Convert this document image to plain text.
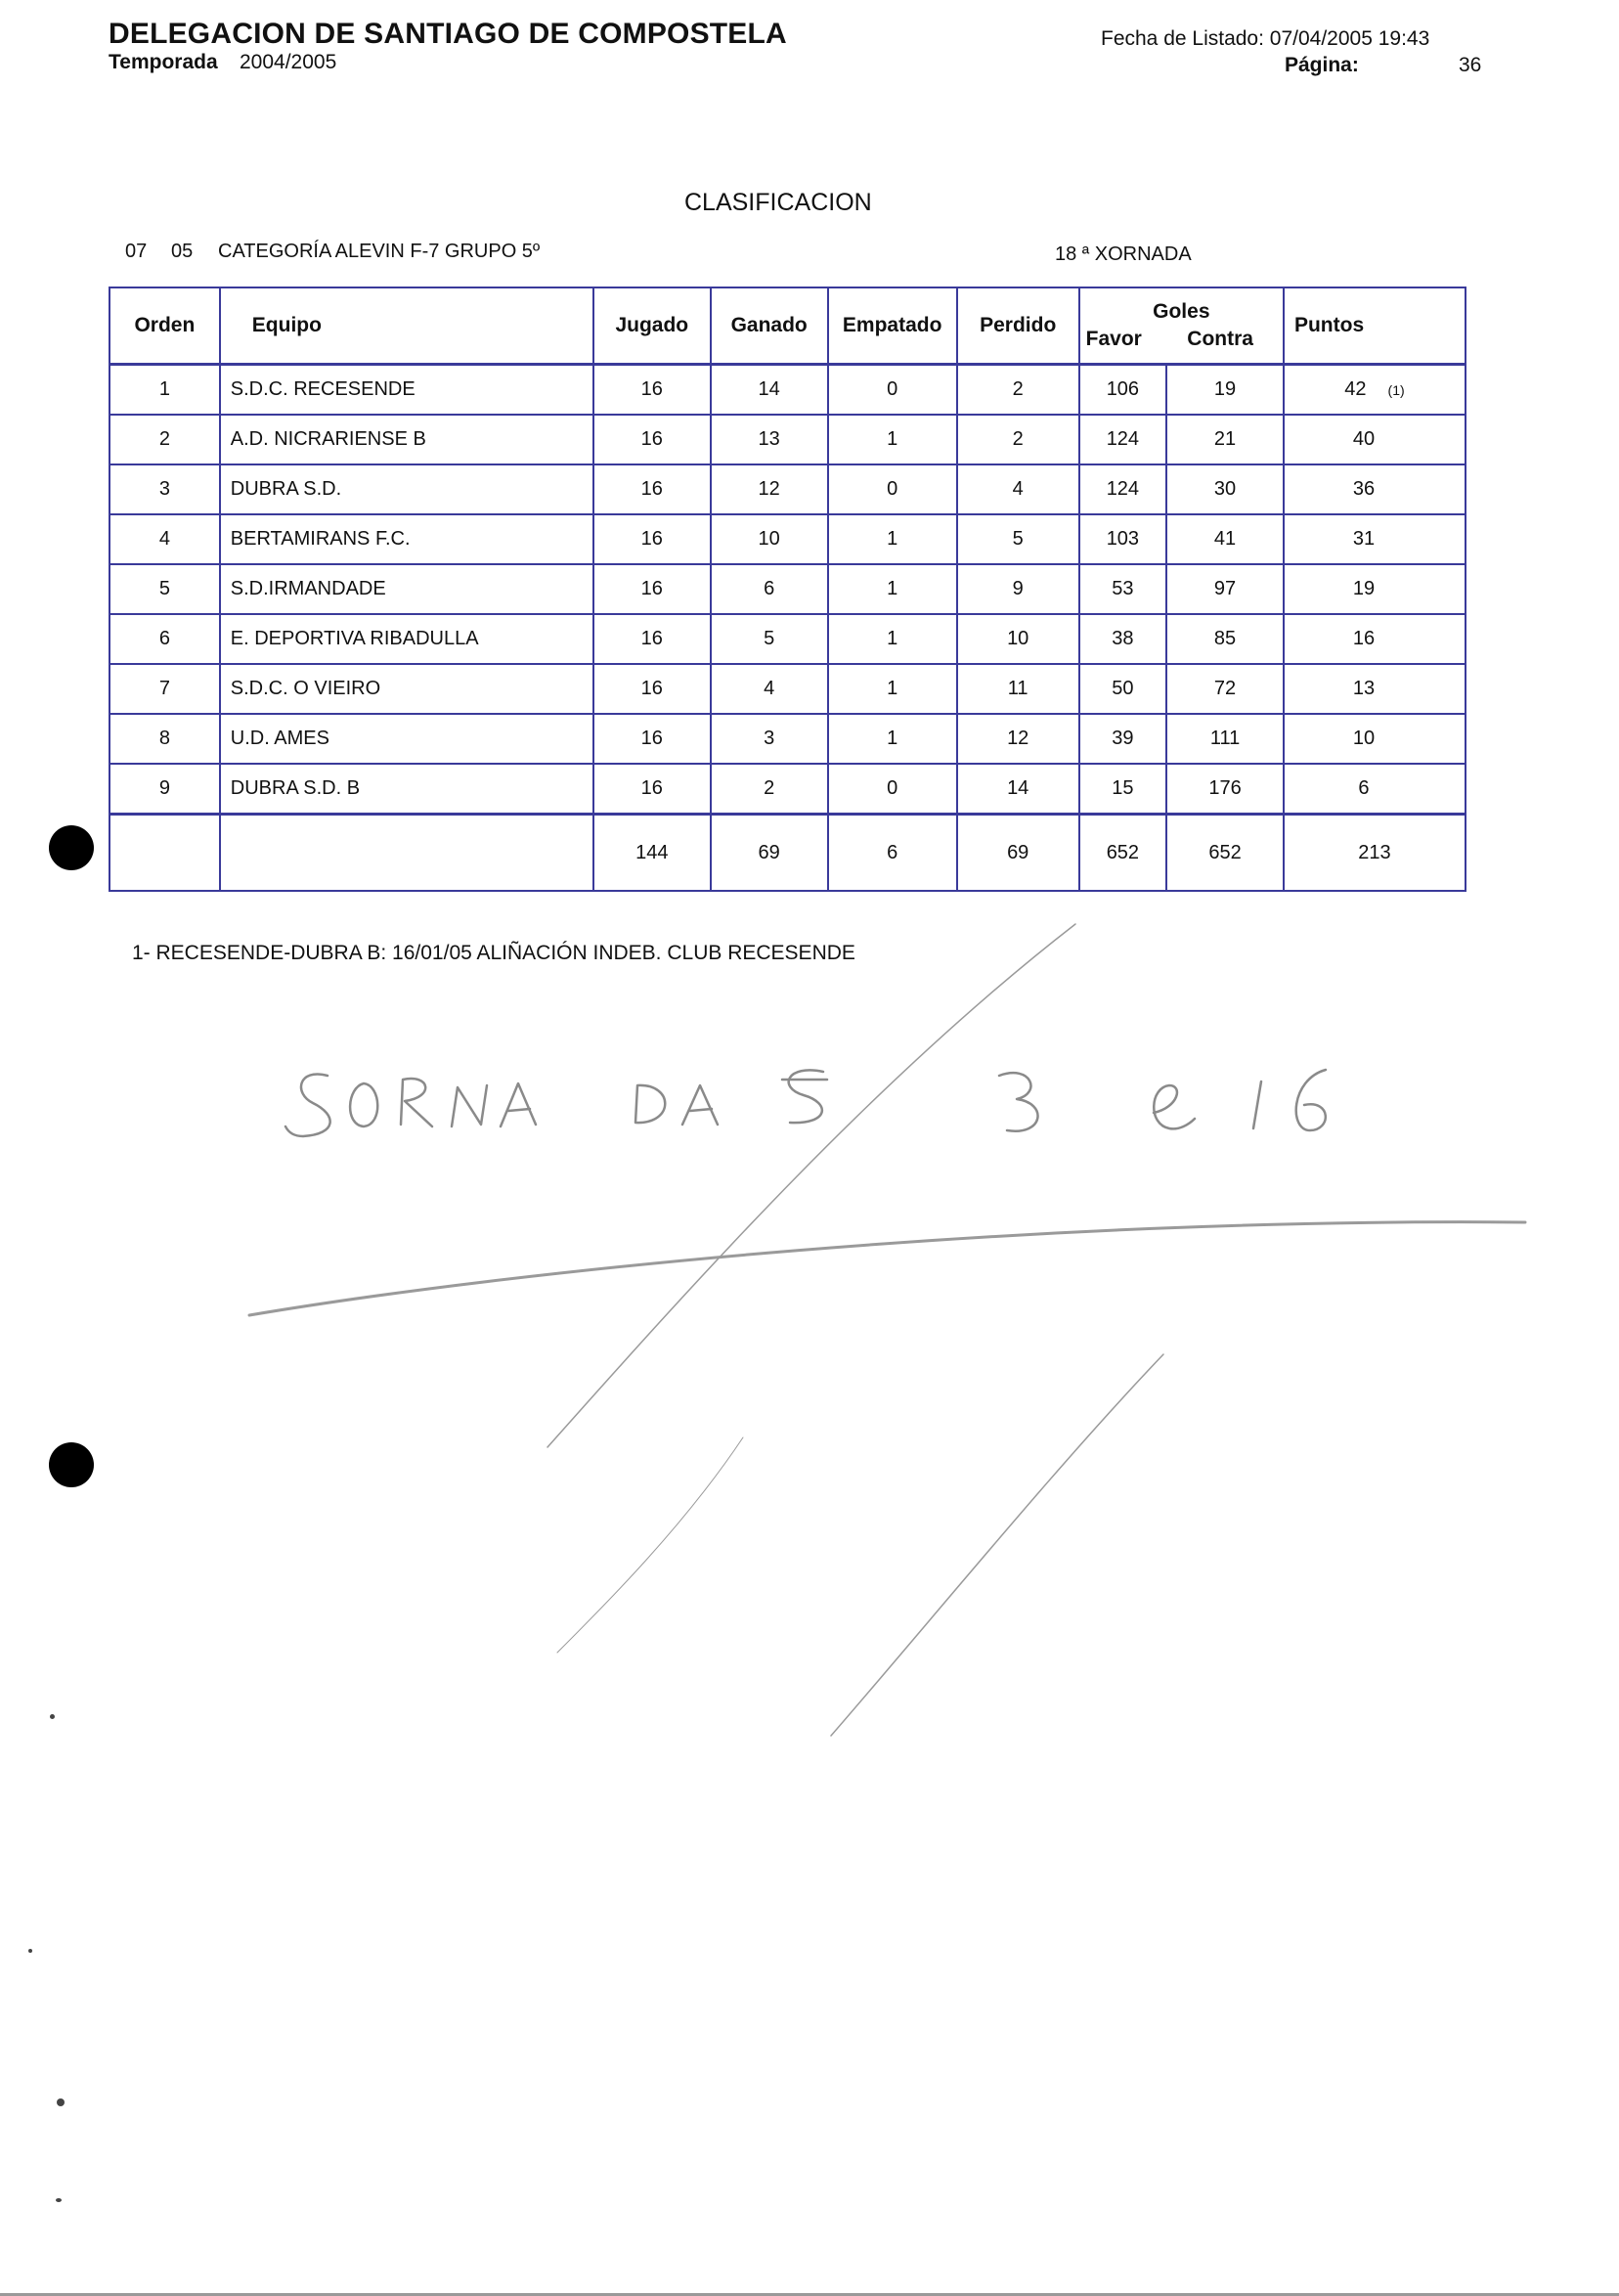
DELEGACION DE SANTIAGO DE COMPOSTELA
Temporada 2004/2005
Fecha de Listado: 07/04/2005 19:43
Página:	36
CLASIFICACION
07 05 CATEGORÍA ALEVIN F-7 GRUPO 5º	18 ª XORNADA
Orden	Equipo	Jugado	Ganado	Empatado	Perdido	Goles
Favor Contra		Puntos
1	S.D.C. RECESENDE	16	14	0	2	106	19	42 (1)
2	A.D. NICRARIENSE B	16	13	1	2	124	21	40
3	DUBRA S.D.	16	12	0	4	124	30	36
4	BERTAMIRANS F.C.	16	10	1	5	103	41	31
5	S.D.IRMANDADE	16	6	1	9	53	97	19
6	E. DEPORTIVA RIBADULLA	16	5	1	10	38	85	16
7	S.D.C. O VIEIRO	16	4	1	11	50	72	13
8	U.D. AMES	16	3	1	12	39	111	10
9	DUBRA S.D. B	16	2	0	14	15	176	6
		144	69	6	69	652	652	213
1- RECESENDE-DUBRA B: 16/01/05 ALIÑACIÓN INDEB. CLUB RECESENDE
